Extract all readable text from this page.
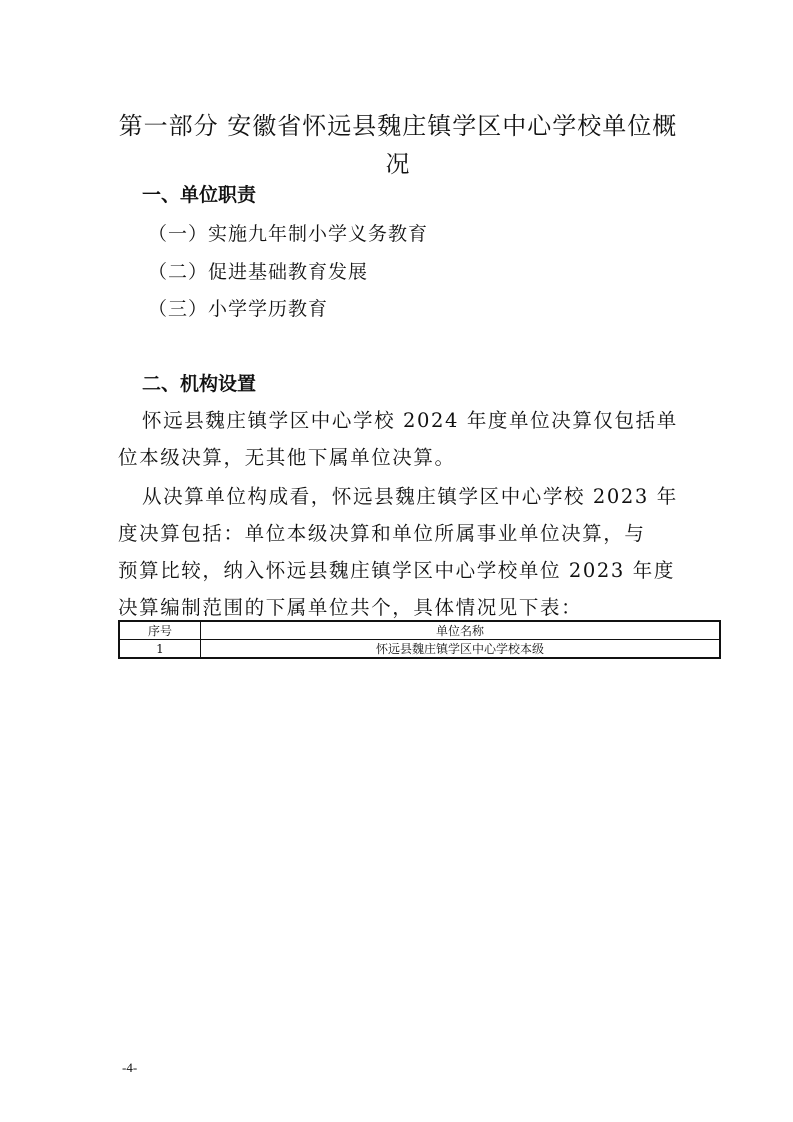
第一部分 安徽省怀远县魏庄镇学区中心学校单位概
况
一、单位职责
（一）实施九年制小学义务教育
（二）促进基础教育发展
（三）小学学历教育
二、机构设置
怀远县魏庄镇学区中心学校 2024 年度单位决算仅包括单
位本级决算，无其他下属单位决算。
从决算单位构成看，怀远县魏庄镇学区中心学校 2023 年
度决算包括：单位本级决算和单位所属事业单位决算，与
预算比较，纳入怀远县魏庄镇学区中心学校单位 2023 年度
决算编制范围的下属单位共个，具体情况见下表：
序号	单位名称
1	怀远县魏庄镇学区中心学校本级
-4-
